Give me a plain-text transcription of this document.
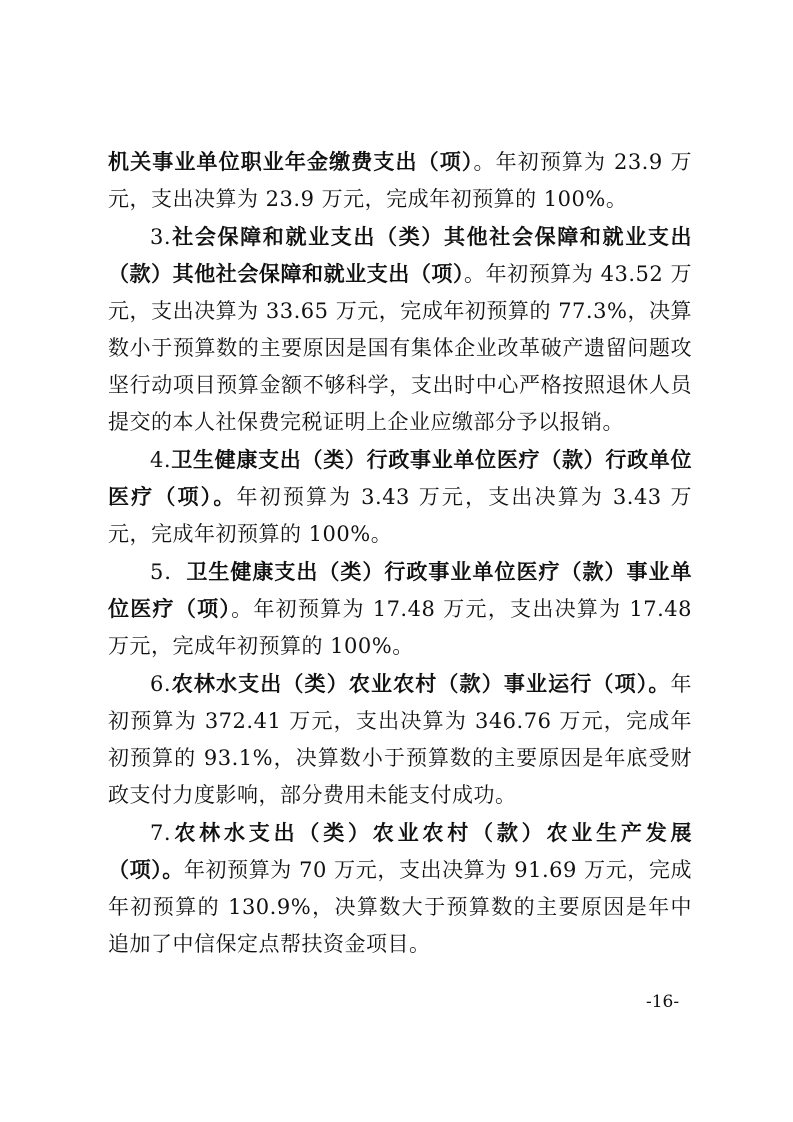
机关事业单位职业年金缴费支出（项）。年初预算为 23.9 万元，支出决算为 23.9 万元，完成年初预算的 100%。

3.社会保障和就业支出（类）其他社会保障和就业支出（款）其他社会保障和就业支出（项）。年初预算为 43.52 万元，支出决算为 33.65 万元，完成年初预算的 77.3%，决算数小于预算数的主要原因是国有集体企业改革破产遗留问题攻坚行动项目预算金额不够科学，支出时中心严格按照退休人员提交的本人社保费完税证明上企业应缴部分予以报销。

4.卫生健康支出（类）行政事业单位医疗（款）行政单位医疗（项）。年初预算为 3.43 万元，支出决算为 3.43 万元，完成年初预算的 100%。

5．卫生健康支出（类）行政事业单位医疗（款）事业单位医疗（项）。年初预算为 17.48 万元，支出决算为 17.48 万元，完成年初预算的 100%。

6.农林水支出（类）农业农村（款）事业运行（项）。年初预算为 372.41 万元，支出决算为 346.76 万元，完成年初预算的 93.1%，决算数小于预算数的主要原因是年底受财政支付力度影响，部分费用未能支付成功。

7.农林水支出（类）农业农村（款）农业生产发展（项）。年初预算为 70 万元，支出决算为 91.69 万元，完成年初预算的 130.9%，决算数大于预算数的主要原因是年中追加了中信保定点帮扶资金项目。

-16-
